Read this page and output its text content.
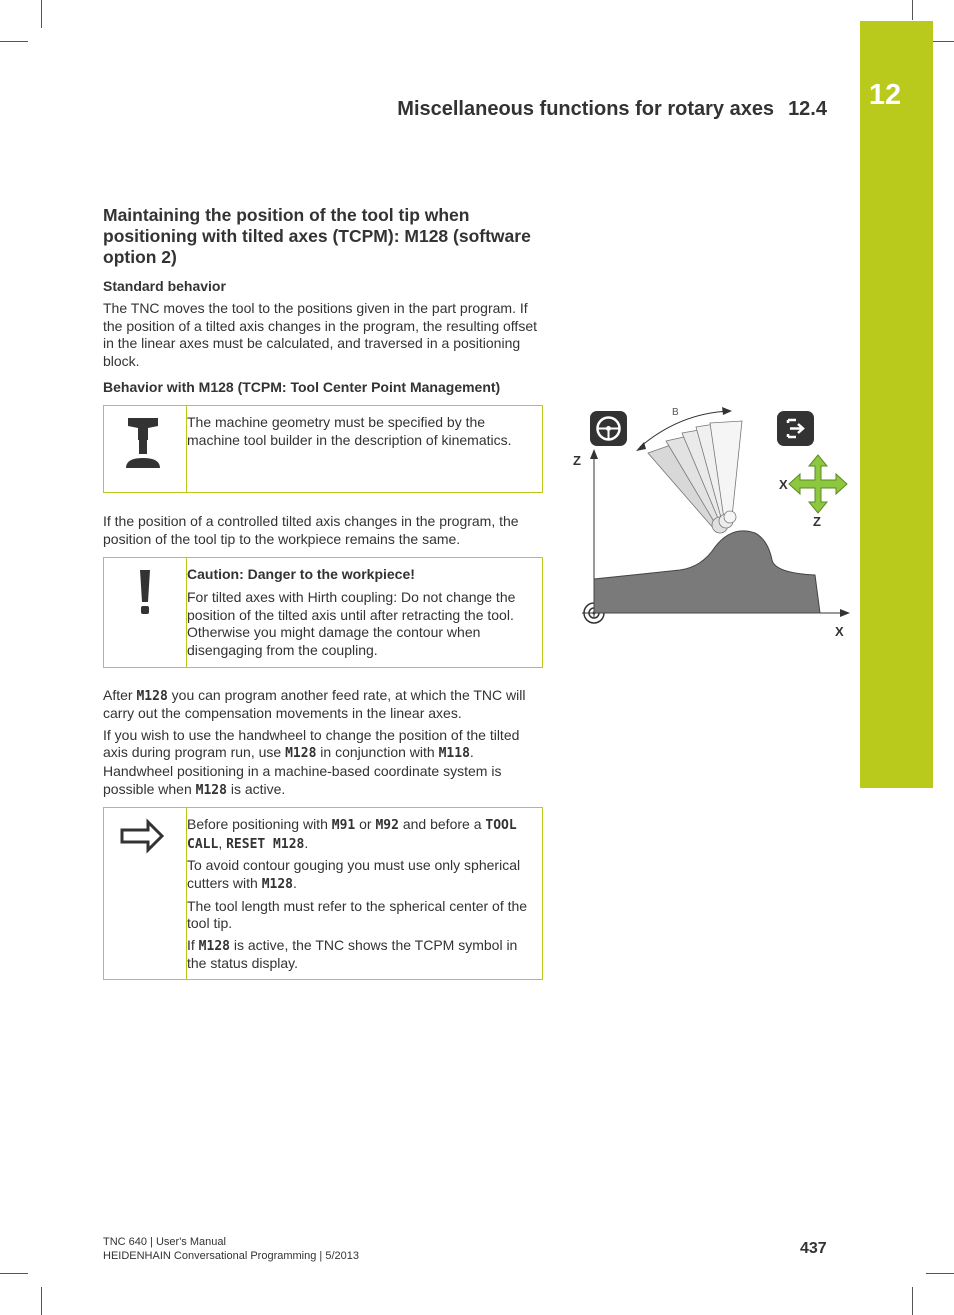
12
Miscellaneous functions for rotary axes 12.4
Maintaining the position of the tool tip when positioning with tilted axes (TCPM): M128 (software option 2)
Standard behavior

The TNC moves the tool to the positions given in the part program. If the position of a tilted axis changes in the program, the resulting offset in the linear axes must be calculated, and traversed in a positioning block.

Behavior with M128 (TCPM: Tool Center Point Management)

The machine geometry must be specified by the machine tool builder in the description of kinematics.

If the position of a controlled tilted axis changes in the program, the position of the tool tip to the workpiece remains the same.

Caution: Danger to the workpiece!

For tilted axes with Hirth coupling: Do not change the position of the tilted axis until after retracting the tool. Otherwise you might damage the contour when disengaging from the coupling.

After M128 you can program another feed rate, at which the TNC will carry out the compensation movements in the linear axes.

If you wish to use the handwheel to change the position of the tilted axis during program run, use M128 in conjunction with M118. Handwheel positioning in a machine-based coordinate system is possible when M128 is active.

Before positioning with M91 or M92 and before a TOOL CALL, RESET M128.

To avoid contour gouging you must use only spherical cutters with M128.

The tool length must refer to the spherical center of the tool tip.

If M128 is active, the TNC shows the TCPM symbol in the status display.

B
Z
X
X
Z
TNC 640 | User's Manual
HEIDENHAIN Conversational Programming | 5/2013	437
